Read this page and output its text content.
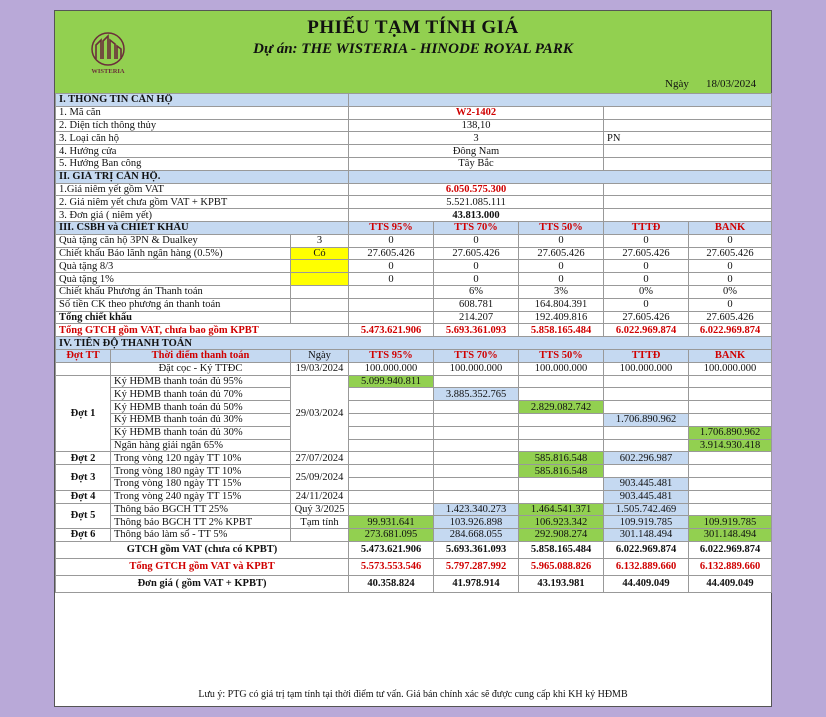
WISTERIA
PHIẾU TẠM TÍNH GIÁ
Dự án: THE WISTERIA - HINODE ROYAL PARK
Ngày 18/03/2024
I. THÔNG TIN CĂN HỘ							
1. Mã căn			W2-1402				
2. Diện tích thông thủy			138,10				
3. Loại căn hộ			3			PN	
4. Hướng cửa			Đông Nam				
5. Hướng Ban công			Tây Bắc				
II. GIÁ TRỊ CĂN HỘ.							
1.Giá niêm yết gồm VAT			6.050.575.300				
2. Giá niêm yết chưa gồm VAT + KPBT			5.521.085.111				
3. Đơn giá ( niêm yết)			43.813.000				
III. CSBH và CHIẾT KHẤU			TTS 95%	TTS 70%	TTS 50%	TTTĐ	BANK
Quà tặng căn hộ 3PN & Dualkey		3	0	0	0	0	0
Chiết khấu Bảo lãnh ngân hàng (0.5%)		Có	27.605.426	27.605.426	27.605.426	27.605.426	27.605.426
Quà tặng 8/3			0	0	0	0	0
Quà tặng 1%			0	0	0	0	0
Chiết khấu Phương án Thanh toán				6%	3%	0%	0%
Số tiền CK theo phương án thanh toán				608.781	164.804.391	0	0
Tổng chiết khấu				214.207	192.409.816	27.605.426	27.605.426
Tổng GTCH gồm VAT, chưa bao gồm KPBT			5.473.621.906	5.693.361.093	5.858.165.484	6.022.969.874	6.022.969.874
IV. TIẾN ĐỘ THANH TOÁN							
Đợt TT	Thời điểm thanh toán	Ngày	TTS 95%	TTS 70%	TTS 50%	TTTĐ	BANK
	Đặt cọc - Ký TTĐC	19/03/2024	100.000.000	100.000.000	100.000.000	100.000.000	100.000.000
Đợt 1	Ký HĐMB thanh toán đủ 95%	29/03/2024	5.099.940.811				
	Ký HĐMB thanh toán đủ 70%			3.885.352.765			
	Ký HĐMB thanh toán đủ 50%				2.829.082.742		
	Ký HĐMB thanh toán đủ 30%					1.706.890.962	
	Ký HĐMB thanh toán đủ 30%						1.706.890.962
	Ngân hàng giải ngân 65%						3.914.930.418
Đợt 2	Trong vòng 120 ngày TT 10%	27/07/2024			585.816.548	602.296.987	
Đợt 3	Trong vòng 180 ngày TT 10%	25/09/2024			585.816.548		
	Trong vòng 180 ngày TT 15%					903.445.481	
Đợt 4	Trong vòng 240 ngày TT 15%	24/11/2024				903.445.481	
Đợt 5	Thông báo BGCH TT 25%	Quý 3/2025		1.423.340.273	1.464.541.371	1.505.742.469	
	Thông báo BGCH TT 2% KPBT	Tạm tính	99.931.641	103.926.898	106.923.342	109.919.785	109.919.785
Đợt 6	Thông báo làm sổ - TT 5%		273.681.095	284.668.055	292.908.274	301.148.494	301.148.494
GTCH gồm VAT (chưa có KPBT)			5.473.621.906	5.693.361.093	5.858.165.484	6.022.969.874	6.022.969.874
Tổng GTCH gồm VAT và KPBT			5.573.553.546	5.797.287.992	5.965.088.826	6.132.889.660	6.132.889.660
Đơn giá ( gồm VAT + KPBT)			40.358.824	41.978.914	43.193.981	44.409.049	44.409.049
Lưu ý: PTG có giá trị tạm tính tại thời điểm tư vấn. Giá bán chính xác sẽ được cung cấp khi KH ký HĐMB
